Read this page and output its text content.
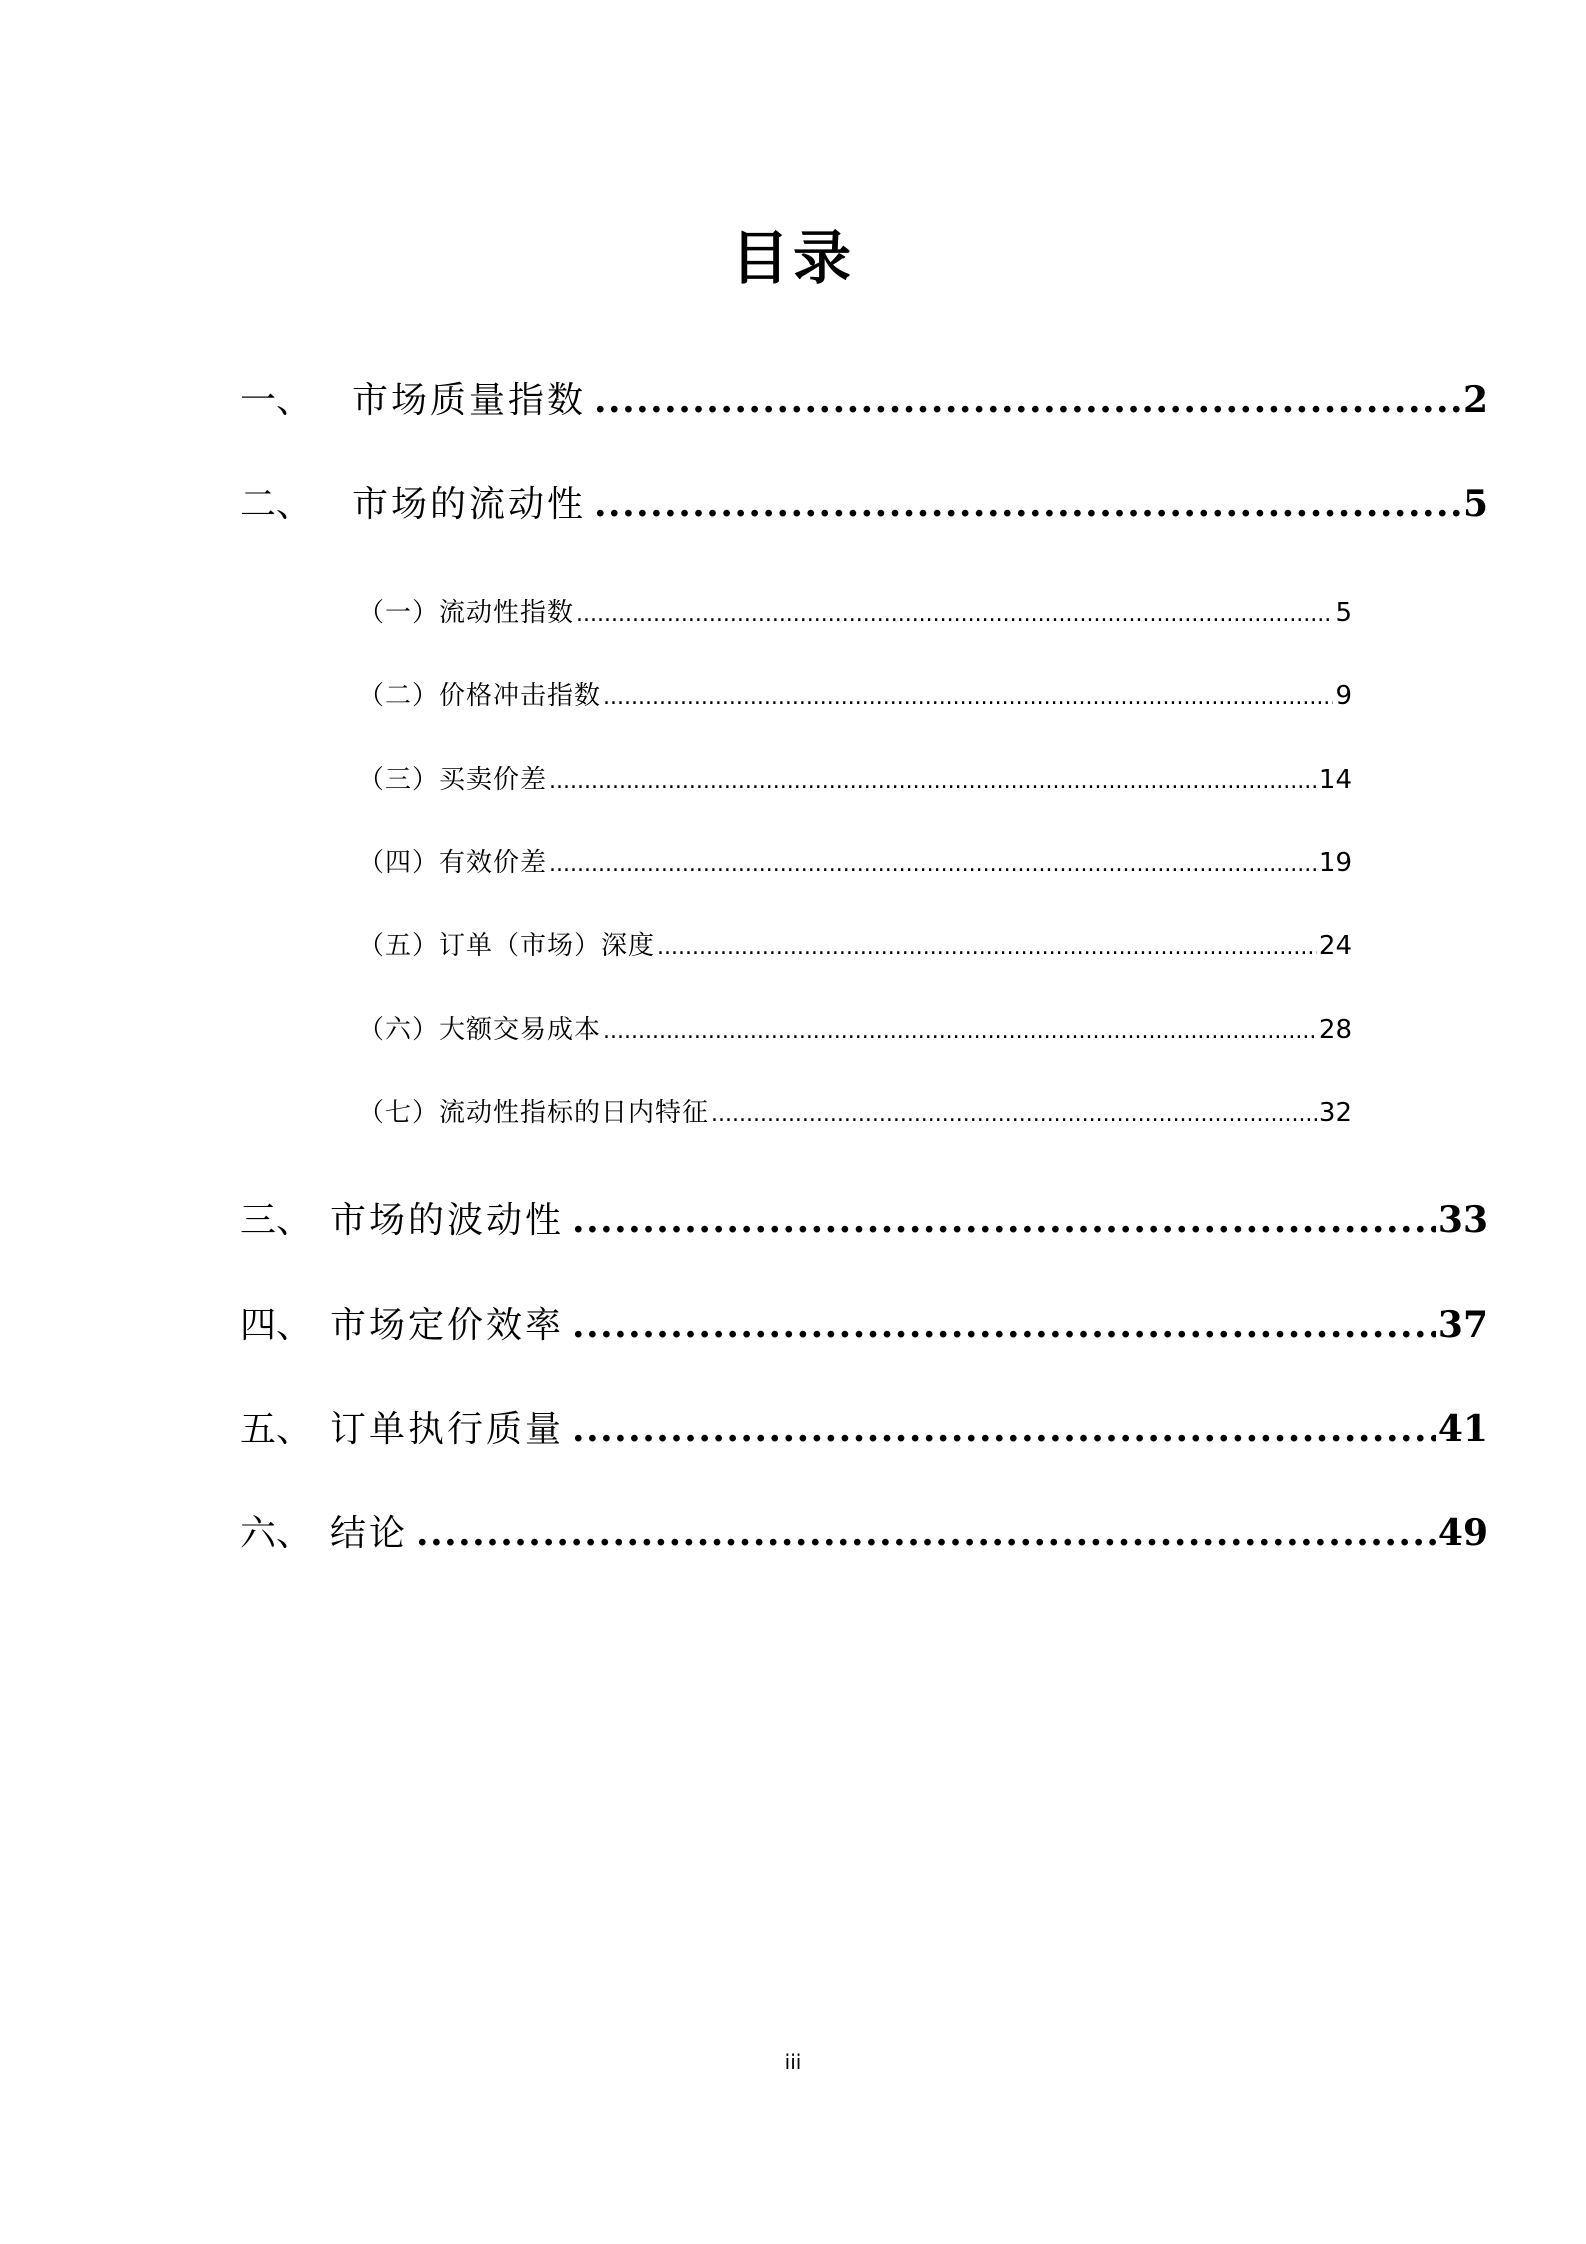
目录
一、	市场质量指数 .....	2
二、	市场的流动性 .....	5
（一）流动性指数 .....	5
（二）价格冲击指数 .....	9
（三）买卖价差 .....	14
（四）有效价差 .....	19
（五）订单（市场）深度 .....	24
（六）大额交易成本 .....	28
（七）流动性指标的日内特征 .....	32
三、 市场的波动性 .....	33
四、 市场定价效率 .....	37
五、 订单执行质量 .....	41
六、 结论 .....	49
iii
